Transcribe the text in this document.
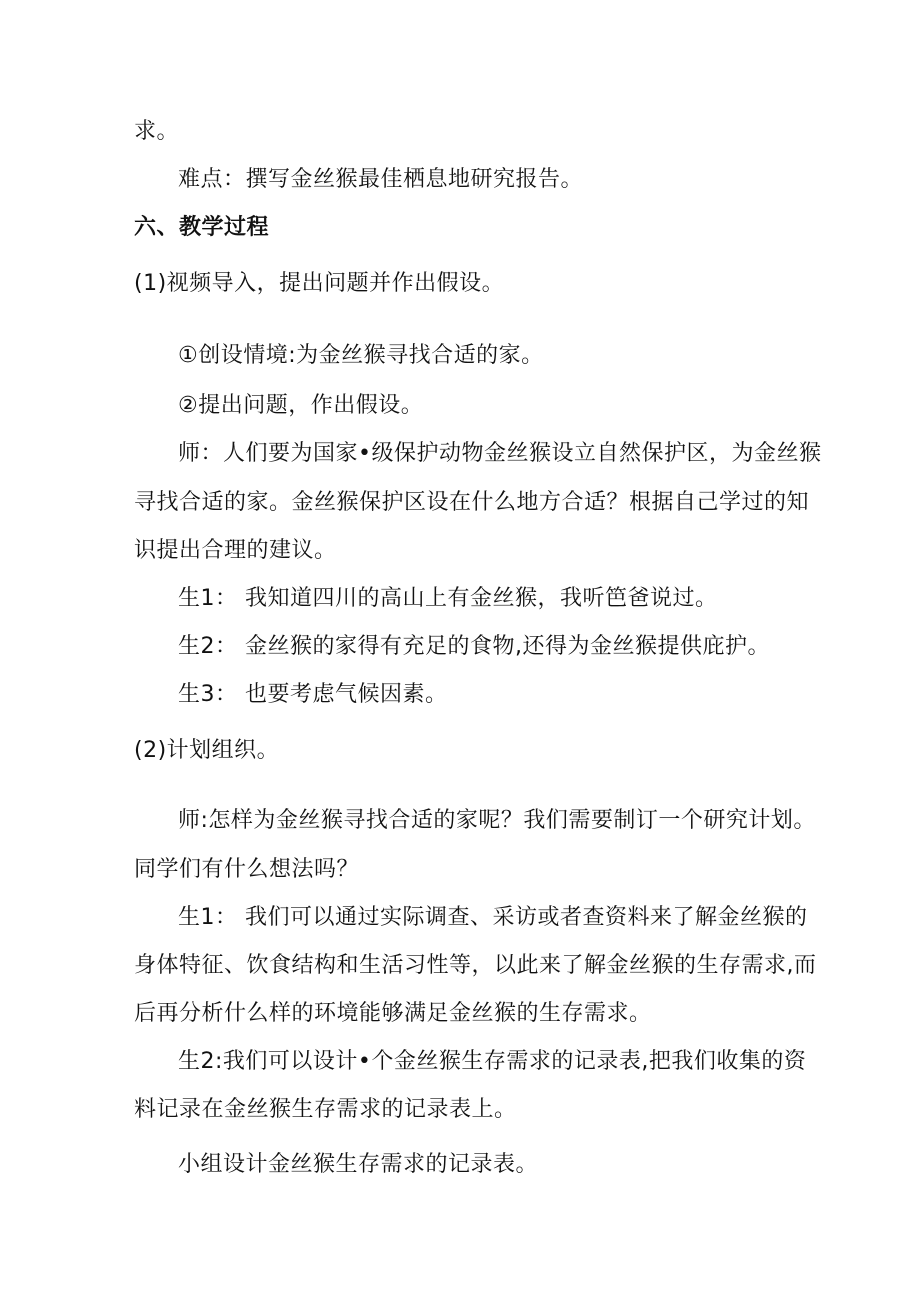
求。
难点：撰写金丝猴最佳栖息地研究报告。
六、教学过程
(1)视频导入，提出问题并作出假设。
①创设情境:为金丝猴寻找合适的家。
②提出问题，作出假设。
师：人们要为国家•级保护动物金丝猴设立自然保护区，为金丝猴
寻找合适的家。金丝猴保护区设在什么地方合适？根据自己学过的知
识提出合理的建议。
生1： 我知道四川的高山上有金丝猴，我听笆爸说过。
生2： 金丝猴的家得有充足的食物,还得为金丝猴提供庇护。
生3： 也要考虑气候因素。
(2)计划组织。
师:怎样为金丝猴寻找合适的家呢？我们需要制订一个研究计划。
同学们有什么想法吗？
生1： 我们可以通过实际调查、采访或者查资料来了解金丝猴的
身体特征、饮食结构和生活习性等，以此来了解金丝猴的生存需求,而
后再分析什么样的环境能够满足金丝猴的生存需求。
生2:我们可以设计•个金丝猴生存需求的记录表,把我们收集的资
料记录在金丝猴生存需求的记录表上。
小组设计金丝猴生存需求的记录表。
